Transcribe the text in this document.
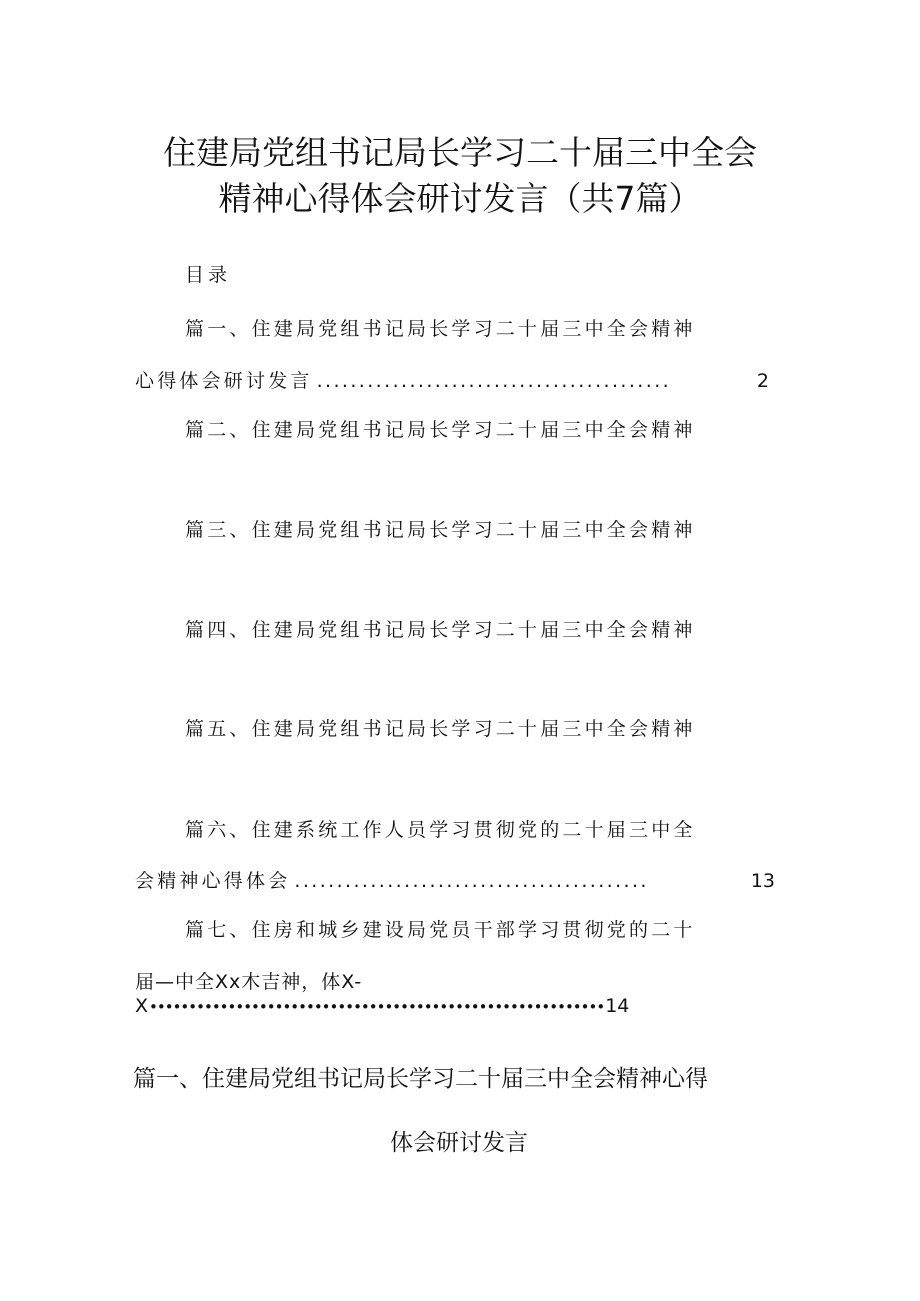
住建局党组书记局长学习二十届三中全会
精神心得体会研讨发言（共7篇）
目录
篇一、住建局党组书记局长学习二十届三中全会精神
心得体会研讨发言 ..........................................	2
篇二、住建局党组书记局长学习二十届三中全会精神
篇三、住建局党组书记局长学习二十届三中全会精神
篇四、住建局党组书记局长学习二十届三中全会精神
篇五、住建局党组书记局长学习二十届三中全会精神
篇六、住建系统工作人员学习贯彻党的二十届三中全
会精神心得体会 ..........................................	13
篇七、住房和城乡建设局党员干部学习贯彻党的二十
届—中全Xx木吉神，体X-
X •••••••••••••••••••••••••••••••••••••••••••••••••••••••••• 14
篇一、住建局党组书记局长学习二十届三中全会精神心得
体会研讨发言
